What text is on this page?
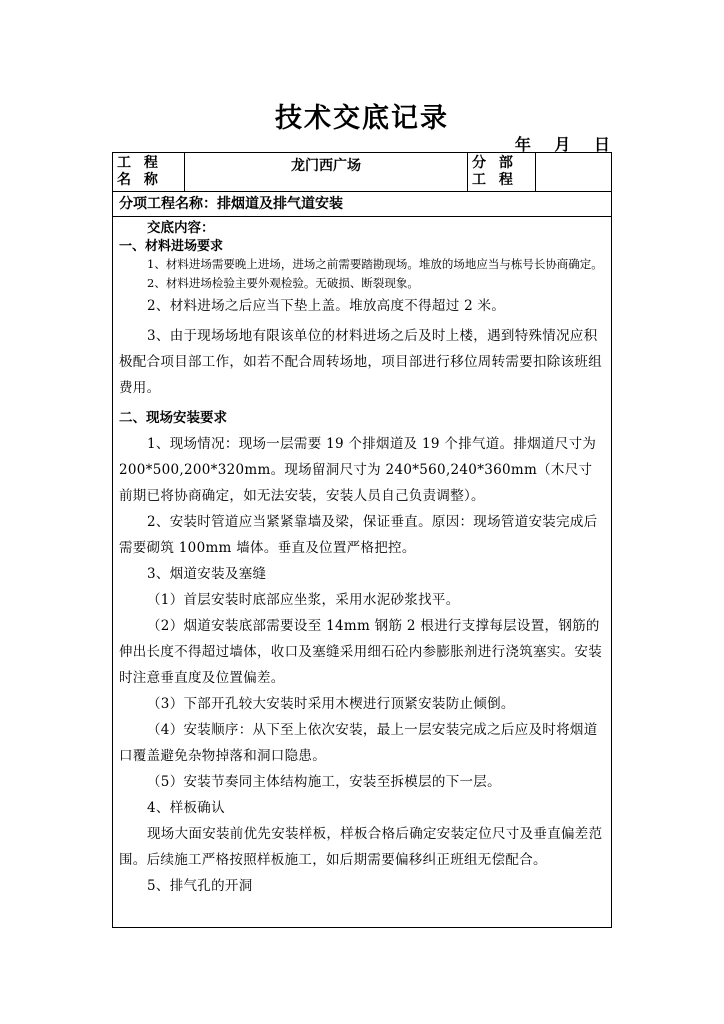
技术交底记录
年 月 日
工 程 名 称
龙门西广场	分 部 工 程
分项工程名称：排烟道及排气道安装
交底内容：
一、材料进场要求

1、材料进场需要晚上进场，进场之前需要踏勘现场。堆放的场地应当与栋号长协商确定。

2、材料进场检验主要外观检验。无破损、断裂现象。

2、材料进场之后应当下垫上盖。堆放高度不得超过 2 米。

3、由于现场场地有限该单位的材料进场之后及时上楼，遇到特殊情况应积极配合项目部工作，如若不配合周转场地，项目部进行移位周转需要扣除该班组费用。

二、现场安装要求

1、现场情况：现场一层需要 19 个排烟道及 19 个排气道。排烟道尺寸为 200*500,200*320mm。现场留洞尺寸为 240*560,240*360mm（木尺寸前期已将协商确定，如无法安装，安装人员自己负责调整）。

2、安装时管道应当紧紧靠墙及梁，保证垂直。原因：现场管道安装完成后需要砌筑 100mm 墙体。垂直及位置严格把控。

3、烟道安装及塞缝

（1）首层安装时底部应坐浆，采用水泥砂浆找平。

（2）烟道安装底部需要设至 14mm 钢筋 2 根进行支撑每层设置，钢筋的伸出长度不得超过墙体，收口及塞缝采用细石砼内参膨胀剂进行浇筑塞实。安装时注意垂直度及位置偏差。

（3）下部开孔较大安装时采用木楔进行顶紧安装防止倾倒。

（4）安装顺序：从下至上依次安装，最上一层安装完成之后应及时将烟道口覆盖避免杂物掉落和洞口隐患。

（5）安装节奏同主体结构施工，安装至拆模层的下一层。

4、样板确认

现场大面安装前优先安装样板，样板合格后确定安装定位尺寸及垂直偏差范围。后续施工严格按照样板施工，如后期需要偏移纠正班组无偿配合。

5、排气孔的开洞
